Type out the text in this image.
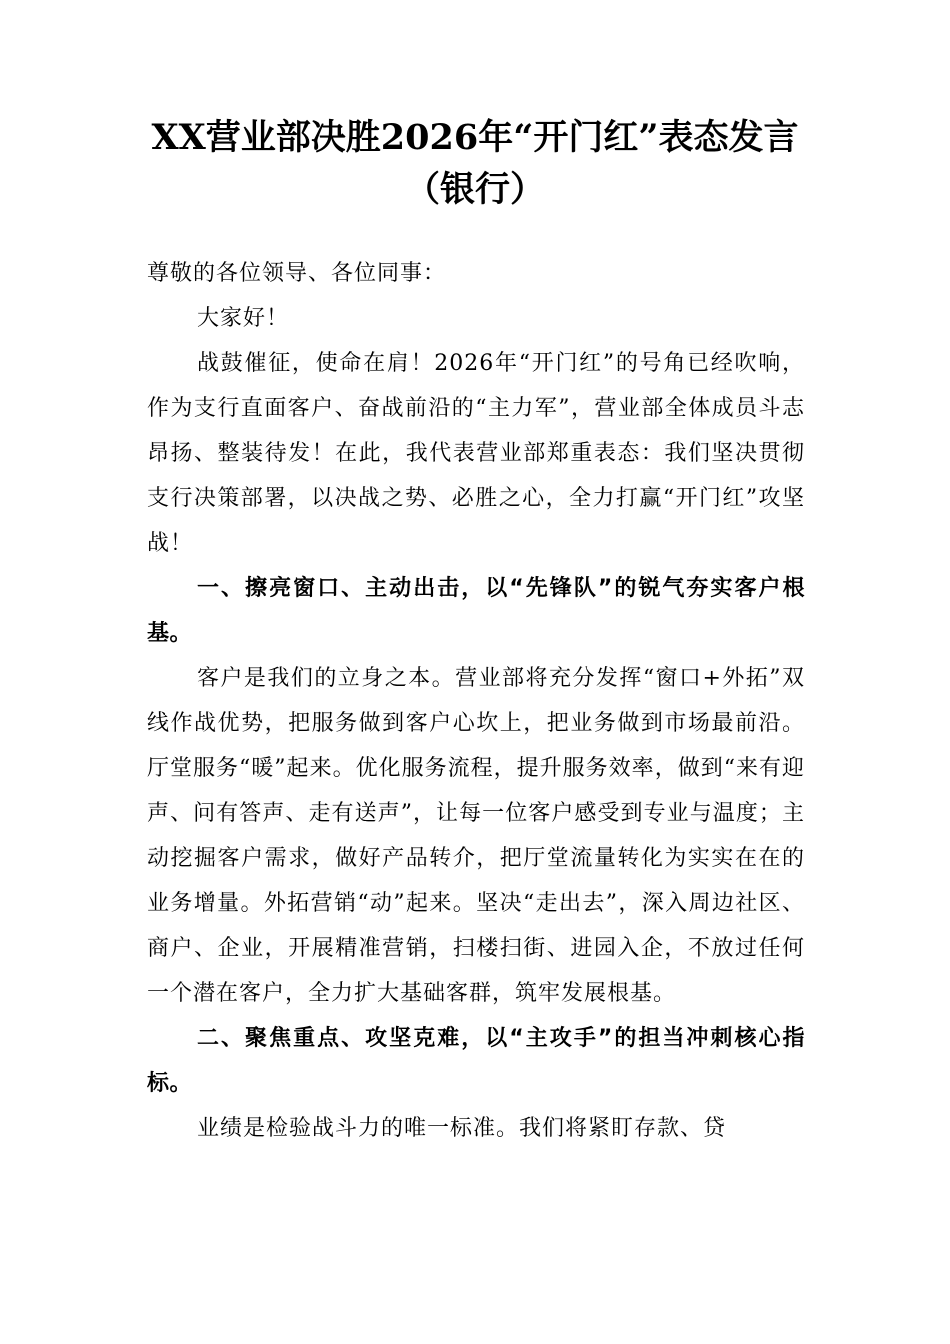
XX营业部决胜2026年“开门红”表态发言（银行）

尊敬的各位领导、各位同事：

大家好！

战鼓催征，使命在肩！2026年“开门红”的号角已经吹响，作为支行直面客户、奋战前沿的“主力军”，营业部全体成员斗志昂扬、整装待发！在此，我代表营业部郑重表态：我们坚决贯彻支行决策部署，以决战之势、必胜之心，全力打赢“开门红”攻坚战！

一、擦亮窗口、主动出击，以“先锋队”的锐气夯实客户根基。

客户是我们的立身之本。营业部将充分发挥“窗口+外拓”双线作战优势，把服务做到客户心坎上，把业务做到市场最前沿。厅堂服务“暖”起来。优化服务流程，提升服务效率，做到“来有迎声、问有答声、走有送声”，让每一位客户感受到专业与温度；主动挖掘客户需求，做好产品转介，把厅堂流量转化为实实在在的业务增量。外拓营销“动”起来。坚决“走出去”，深入周边社区、商户、企业，开展精准营销，扫楼扫街、进园入企，不放过任何一个潜在客户，全力扩大基础客群，筑牢发展根基。

二、聚焦重点、攻坚克难，以“主攻手”的担当冲刺核心指标。

业绩是检验战斗力的唯一标准。我们将紧盯存款、贷
